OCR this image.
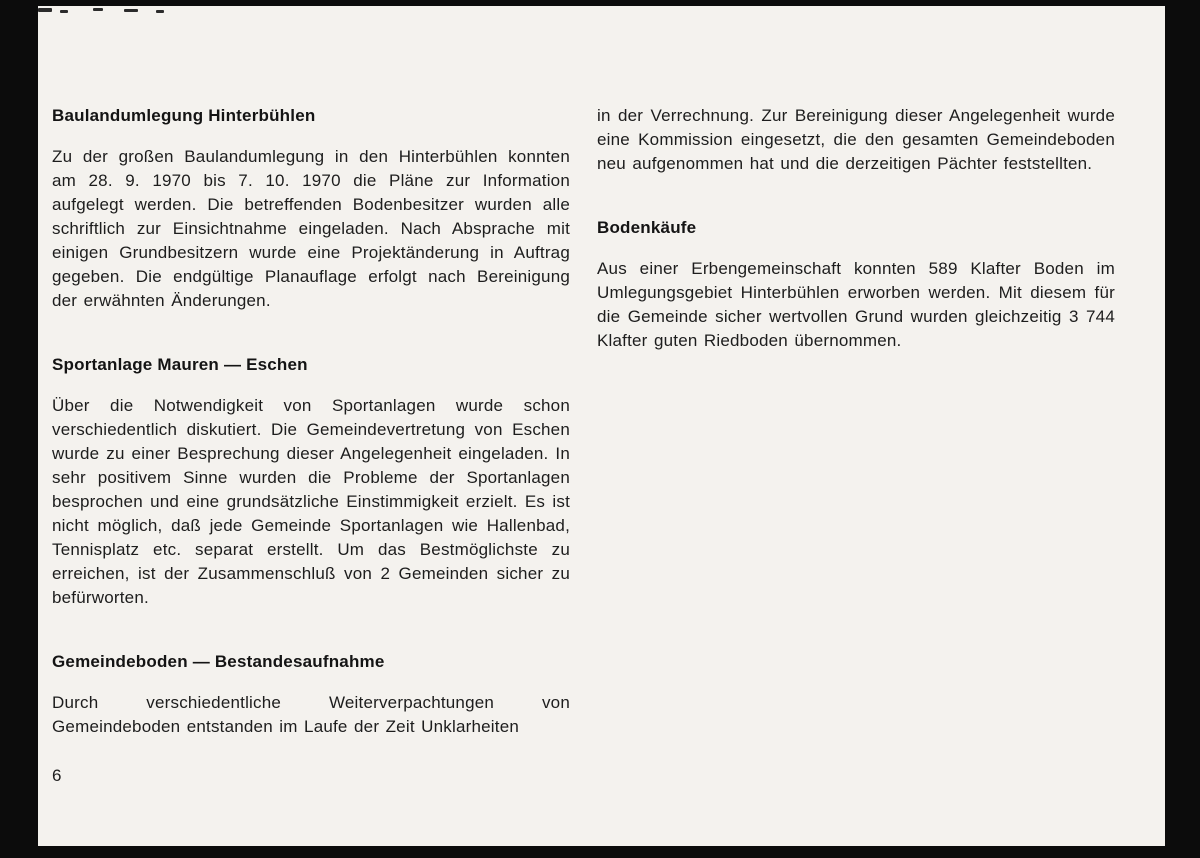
Baulandumlegung Hinterbühlen

Zu der großen Baulandumlegung in den Hinterbühlen konnten am 28. 9. 1970 bis 7. 10. 1970 die Pläne zur Information aufgelegt werden. Die betreffenden Bodenbesitzer wurden alle schriftlich zur Einsichtnahme eingeladen. Nach Absprache mit einigen Grundbesitzern wurde eine Projektänderung in Auftrag gegeben. Die endgültige Planauflage erfolgt nach Bereinigung der erwähnten Änderungen.

Sportanlage Mauren — Eschen

Über die Notwendigkeit von Sportanlagen wurde schon verschiedentlich diskutiert. Die Gemeindevertretung von Eschen wurde zu einer Besprechung dieser Angelegenheit eingeladen. In sehr positivem Sinne wurden die Probleme der Sportanlagen besprochen und eine grundsätzliche Einstimmigkeit erzielt. Es ist nicht möglich, daß jede Gemeinde Sportanlagen wie Hallenbad, Tennisplatz etc. separat erstellt. Um das Bestmöglichste zu erreichen, ist der Zusammenschluß von 2 Gemeinden sicher zu befürworten.

Gemeindeboden — Bestandesaufnahme

Durch verschiedentliche Weiterverpachtungen von Gemeindeboden entstanden im Laufe der Zeit Unklarheiten

in der Verrechnung. Zur Bereinigung dieser Angelegenheit wurde eine Kommission eingesetzt, die den gesamten Gemeindeboden neu aufgenommen hat und die derzeitigen Pächter feststellten.

Bodenkäufe

Aus einer Erbengemeinschaft konnten 589 Klafter Boden im Umlegungsgebiet Hinterbühlen erworben werden. Mit diesem für die Gemeinde sicher wertvollen Grund wurden gleichzeitig 3 744 Klafter guten Riedboden übernommen.

6
